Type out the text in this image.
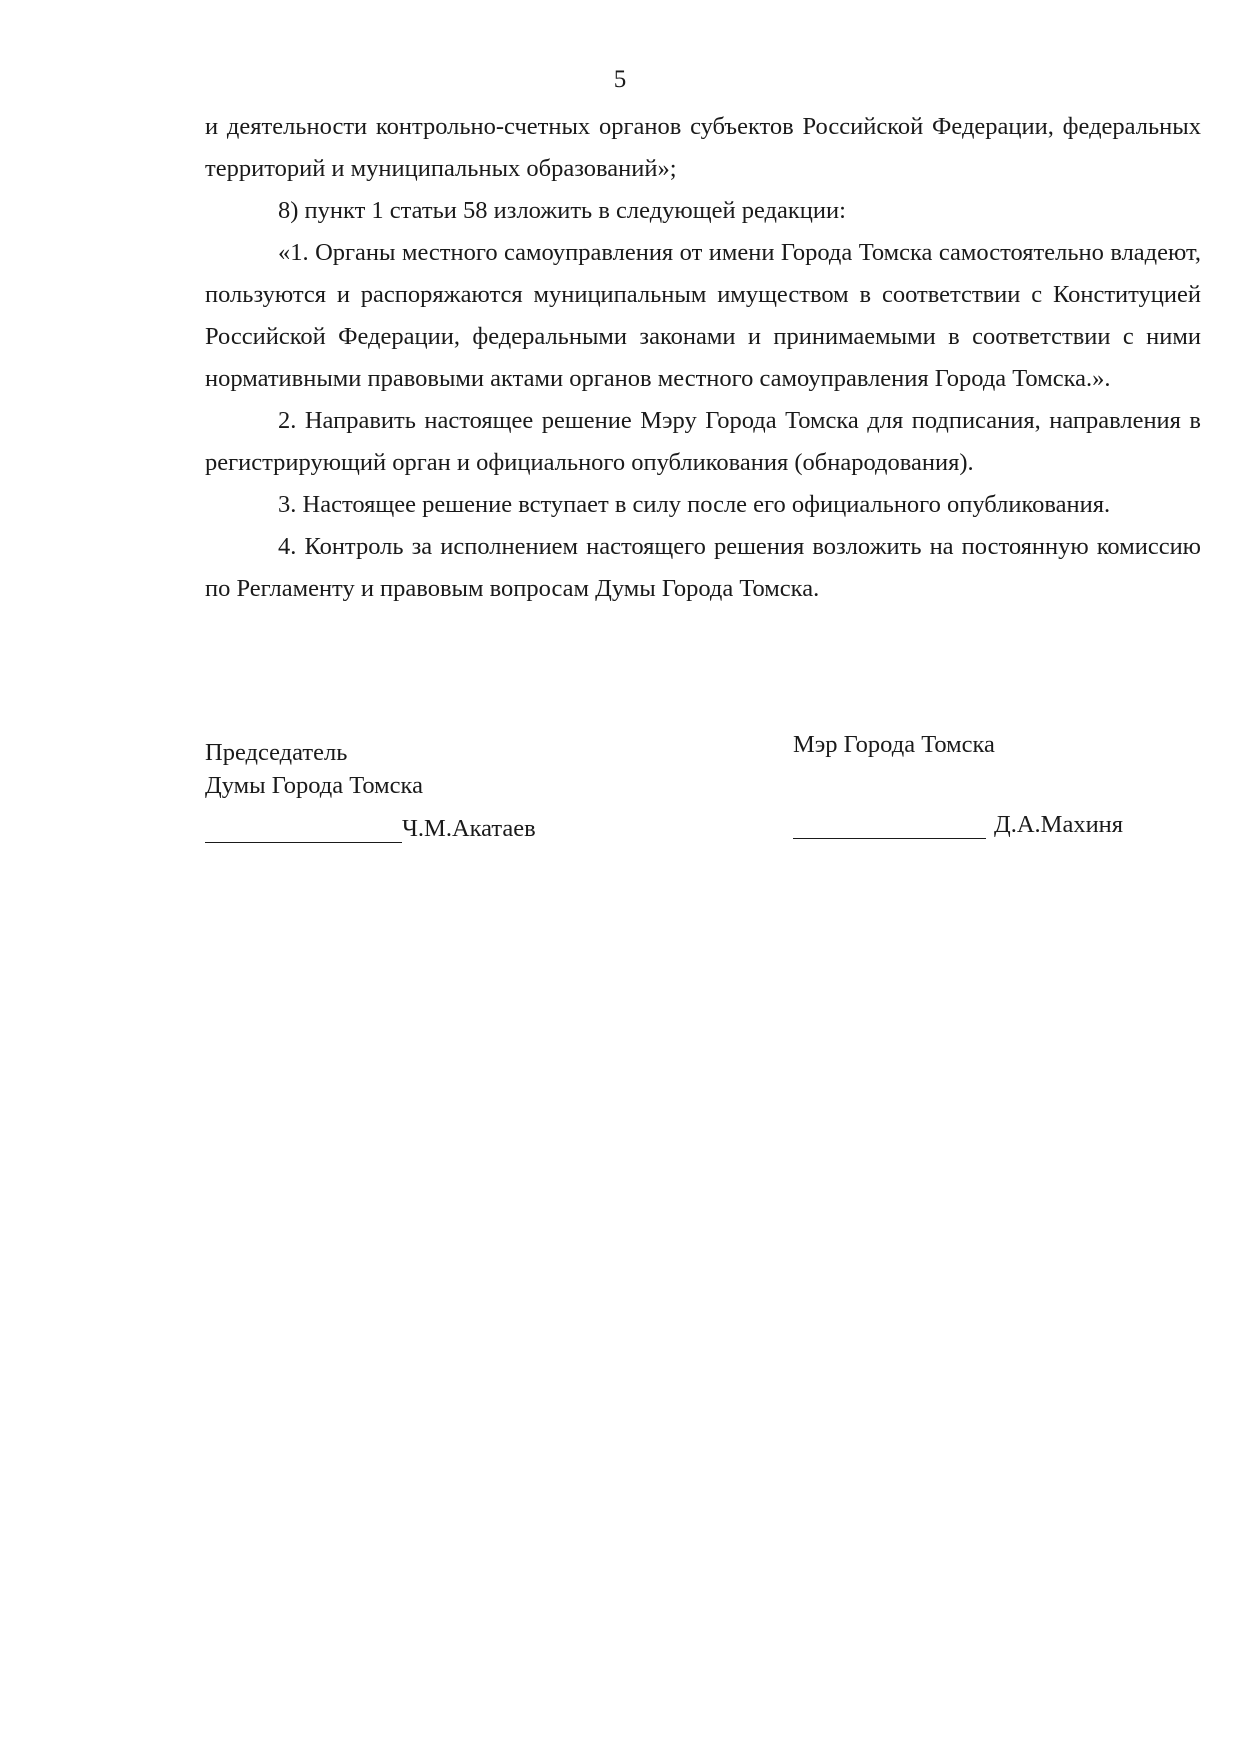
5

и деятельности контрольно-счетных органов субъектов Российской Федерации, федеральных территорий и муниципальных образований»;

8) пункт 1 статьи 58 изложить в следующей редакции:

«1. Органы местного самоуправления от имени Города Томска самостоятельно владеют, пользуются и распоряжаются муниципальным имуществом в соответствии с Конституцией Российской Федерации, федеральными законами и принимаемыми в соответствии с ними нормативными правовыми актами органов местного самоуправления Города Томска.».

2. Направить настоящее решение Мэру Города Томска для подписания, направления в регистрирующий орган и официального опубликования (обнародования).

3. Настоящее решение вступает в силу после его официального опубликования.

4. Контроль за исполнением настоящего решения возложить на постоянную комиссию по Регламенту и правовым вопросам Думы Города Томска.

Председатель
Думы Города Томска
Мэр Города Томска
Ч.М.Акатаев	Д.А.Махиня
